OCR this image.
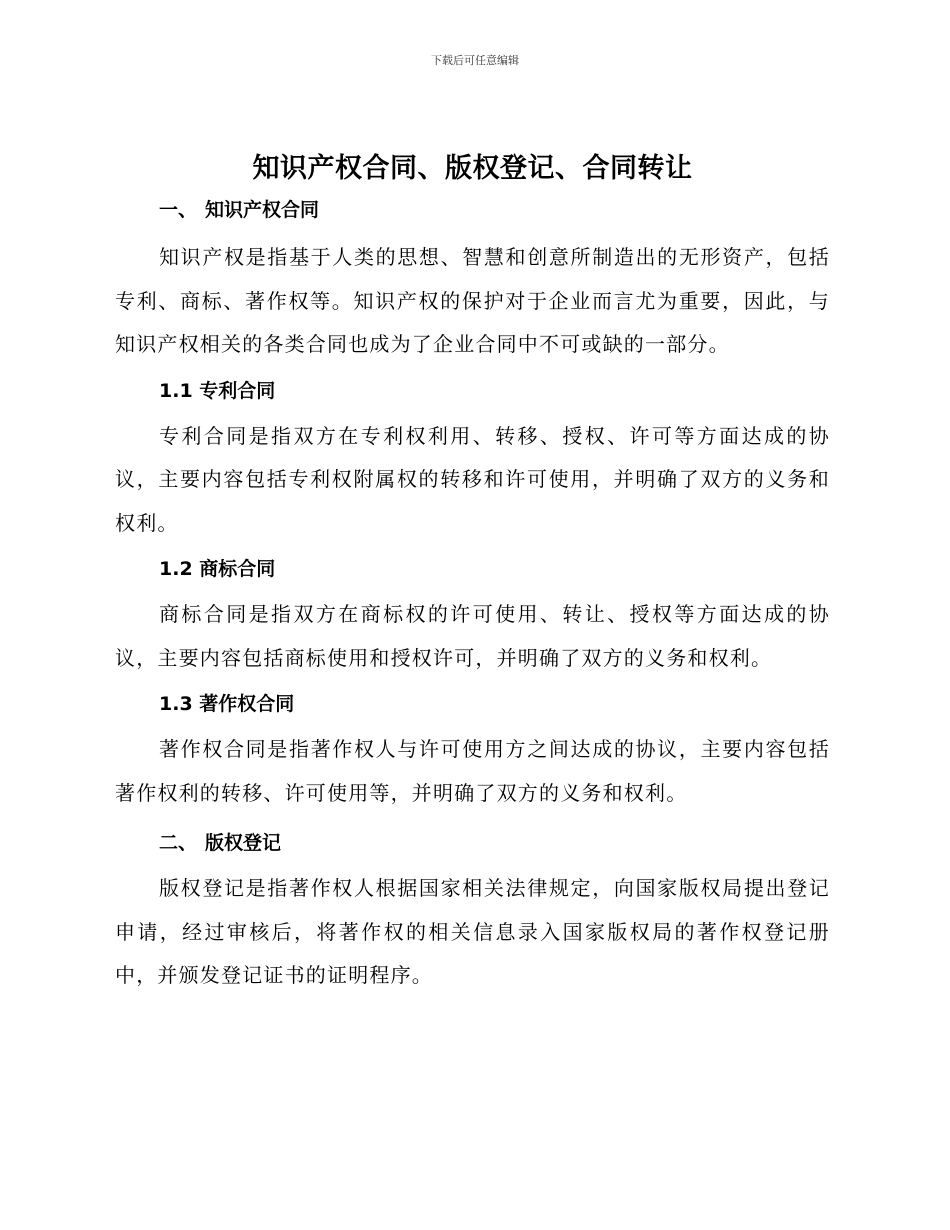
下载后可任意编辑
知识产权合同、版权登记、合同转让
一、 知识产权合同

知识产权是指基于人类的思想、智慧和创意所制造出的无形资产，包括专利、商标、著作权等。知识产权的保护对于企业而言尤为重要，因此，与知识产权相关的各类合同也成为了企业合同中不可或缺的一部分。

1.1 专利合同

专利合同是指双方在专利权利用、转移、授权、许可等方面达成的协议，主要内容包括专利权附属权的转移和许可使用，并明确了双方的义务和权利。

1.2 商标合同

商标合同是指双方在商标权的许可使用、转让、授权等方面达成的协议，主要内容包括商标使用和授权许可，并明确了双方的义务和权利。

1.3 著作权合同

著作权合同是指著作权人与许可使用方之间达成的协议，主要内容包括著作权利的转移、许可使用等，并明确了双方的义务和权利。

二、 版权登记

版权登记是指著作权人根据国家相关法律规定，向国家版权局提出登记申请，经过审核后，将著作权的相关信息录入国家版权局的著作权登记册中，并颁发登记证书的证明程序。
